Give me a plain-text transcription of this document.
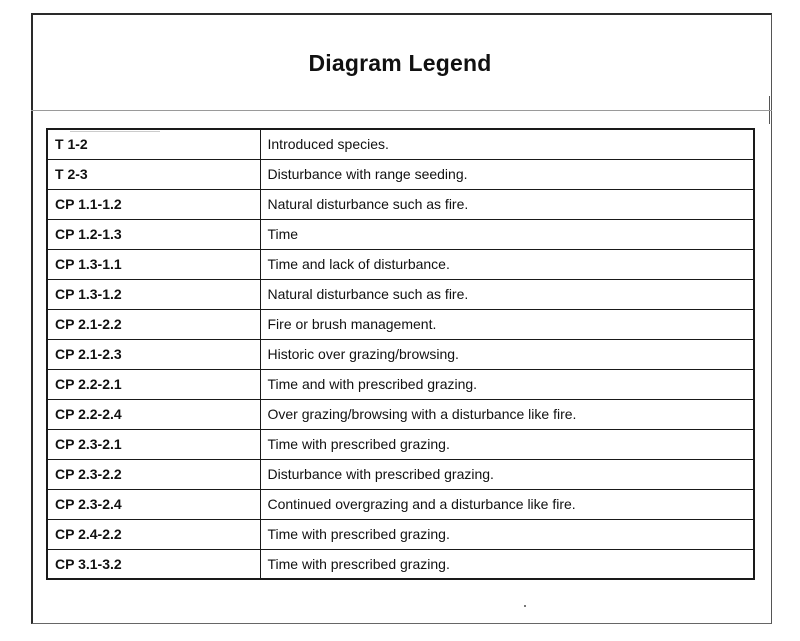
Diagram Legend
T 1-2	Introduced species.
T 2-3	Disturbance with range seeding.
CP 1.1-1.2	Natural disturbance such as fire.
CP 1.2-1.3	Time
CP 1.3-1.1	Time and lack of disturbance.
CP 1.3-1.2	Natural disturbance such as fire.
CP 2.1-2.2	Fire or brush management.
CP 2.1-2.3	Historic over grazing/browsing.
CP 2.2-2.1	Time and with prescribed grazing.
CP 2.2-2.4	Over grazing/browsing with a disturbance like fire.
CP 2.3-2.1	Time with prescribed grazing.
CP 2.3-2.2	Disturbance with prescribed grazing.
CP 2.3-2.4	Continued overgrazing and a disturbance like fire.
CP 2.4-2.2	Time with prescribed grazing.
CP 3.1-3.2	Time with prescribed grazing.
